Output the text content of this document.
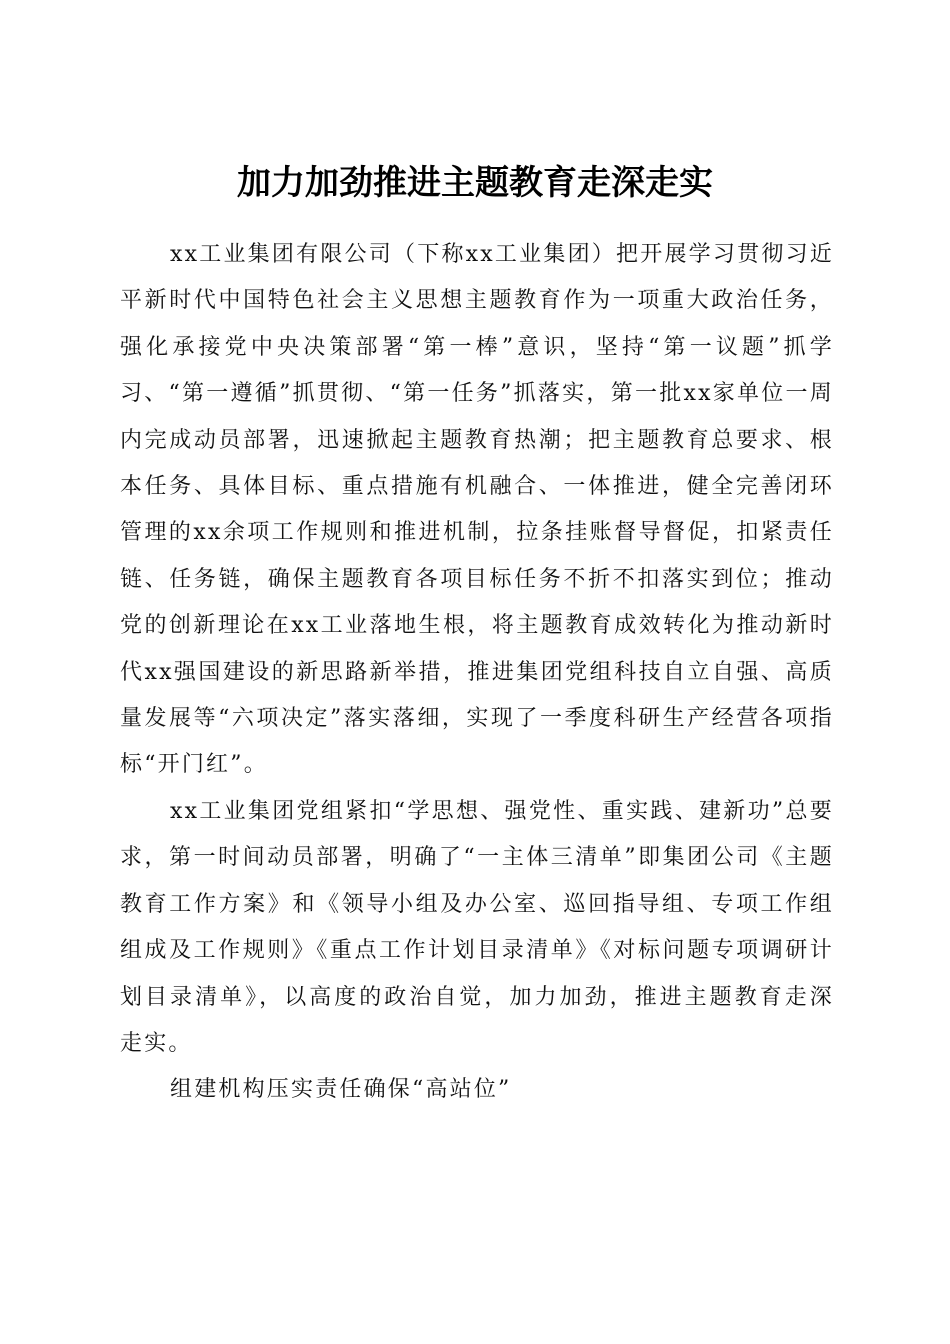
加力加劲推进主题教育走深走实

xx工业集团有限公司（下称xx工业集团）把开展学习贯彻习近平新时代中国特色社会主义思想主题教育作为一项重大政治任务，强化承接党中央决策部署“第一棒”意识，坚持“第一议题”抓学习、“第一遵循”抓贯彻、“第一任务”抓落实，第一批xx家单位一周内完成动员部署，迅速掀起主题教育热潮；把主题教育总要求、根本任务、具体目标、重点措施有机融合、一体推进，健全完善闭环管理的xx余项工作规则和推进机制，拉条挂账督导督促，扣紧责任链、任务链，确保主题教育各项目标任务不折不扣落实到位；推动党的创新理论在xx工业落地生根，将主题教育成效转化为推动新时代xx强国建设的新思路新举措，推进集团党组科技自立自强、高质量发展等“六项决定”落实落细，实现了一季度科研生产经营各项指标“开门红”。

xx工业集团党组紧扣“学思想、强党性、重实践、建新功”总要求，第一时间动员部署，明确了“一主体三清单”即集团公司《主题教育工作方案》和《领导小组及办公室、巡回指导组、专项工作组组成及工作规则》《重点工作计划目录清单》《对标问题专项调研计划目录清单》，以高度的政治自觉，加力加劲，推进主题教育走深走实。

组建机构压实责任确保“高站位”
